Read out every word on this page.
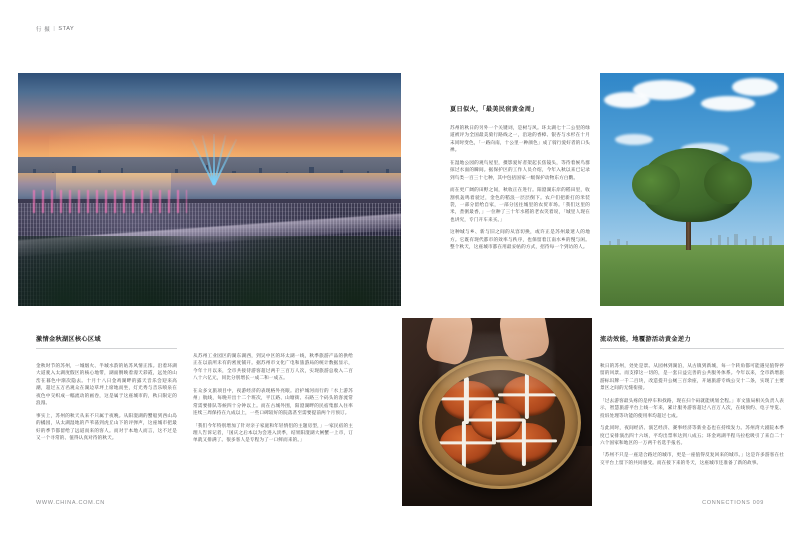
行 摄 | STAY
激情金秋湖区核心区域

金秋时节的苏州，一城烟火、半城水韵的姑苏风情正浓。沿着环湖大道驶入太湖度假区的核心地带，湖面倒映着漫天彩霞，远处的山峦在暮色中渐次隐去。十月十八日金鸡湖畔的露天音乐会迎来高潮，超过五万名观众在湖边草坪上席地而坐，灯光秀与音乐喷泉在夜色中交织成一幅流动的画卷，这是属于这座城市的，秋日限定的浪漫。

事实上，苏州的秋天从来不只属于夜晚。从阳澄湖的蟹船到西山岛的橘园，从太湖湿地的芦苇荡到虎丘山下的评弹声，这座城市把最好的季节都留给了远道而来的客人。而对于本地人而言，这不过是又一个寻常的、值得认真对待的秋天。

从苏州工业园区的湖东湖西，到吴中区的环太湖一线，秋季旅游产品的供给正在以前所未有的密度铺开。据苏州市文化广电和旅游局的统计数据显示，今年十月以来，全市共接待游客超过两千三百万人次，实现旅游总收入二百八十六亿元，同比分别增长一成二和一成五。

在众多文旅项目中，夜游经济的表现格外亮眼。沿护城河而行的「水上游苏州」航线，每晚开出十二个班次，平江路、山塘街、石路三个码头的客流常常需要排队等候四十分钟以上。而在古城外围，阳澄湖畔的民宿集群入住率连续三周保持在九成以上，一些口碑较好的院落甚至需要提前两个月预订。

「我们今年特别增加了针对亲子家庭和年轻情侣的主题房型，」一家民宿的主理人告诉记者，「国庆之后本以为会进入淡季，结果阳澄湖大闸蟹一上市，订单就又排满了。很多客人是专程为了一口鲜而来的。」

夏日似火，「最美民宿黄金周」

苏州的秋日的另外一个关键词，是树与风。环太湖七十二公里的绿道被评为全国最美骑行路线之一，沿途的香樟、银杏与水杉在十月末同时变色，「一路向南，十公里一种颜色」成了骑行爱好者的口头禅。

在湿地公园的观鸟屋里，摄影爱好者架起长焦镜头，等待着候鸟群掠过水面的瞬间。据保护区的工作人员介绍，今年入秋以来已记录到鸟类一百三十七种，其中包括国家一级保护动物东方白鹳。

而在更广阔的田野之间，秋收正在进行。阳澄湖东岸的稻田里，收割机轰鸣着驶过，金色的稻浪一层层倒下。农户们把新打的米装袋，一部分留给自家，一部分送往城里的农贸市场。「我们这里的米，煮粥最香，」一位种了三十年水稻的老农笑着说，「城里人现在也讲究，专门开车来买。」

这种城与乡、新与旧之间的从容切换，或许正是苏州最迷人的地方。它既有现代都市的效率与秩序，也保留着江南水乡的慢与闲。整个秋天，这座城市都在用最妥帖的方式，招待每一个到访的人。

流动效能，地覆游活动黄金逆力

秋日的苏州，处处是景。从园林到湖泊，从古镇到新城，每一个转角都可能遇见值得停留的风景。而支撑这一切的，是一套日益完善的公共服务体系。今年以来，全市新增旅游标识牌一千二百块，改造提升公厕三百余座，开通旅游专线公交十二条，实现了主要景区之间的无缝衔接。

「过去游客最头疼的是停车和找路，现在扫个码就能规划全程。」市文旅局相关负责人表示，智慧旅游平台上线一年来，累计服务游客超过八百万人次，在线预约、电子导览、投诉处理等功能的使用率均超过七成。

与此同时，夜间经济、演艺经济、赛事经济等新业态也在持续发力。苏州湾大剧院本季度已安排演出四十六场，平均出票率达到八成五；环金鸡湖半程马拉松吸引了来自二十六个国家和地区的一万两千名选手报名。

「苏州不只是一座适合路过的城市，更是一座值得反复回来的城市。」这是许多游客在社交平台上留下的共同感受。而在接下来的冬天，这座城市还准备了新的故事。

WWW.CHINA.COM.CN	CONNECTIONS 009
